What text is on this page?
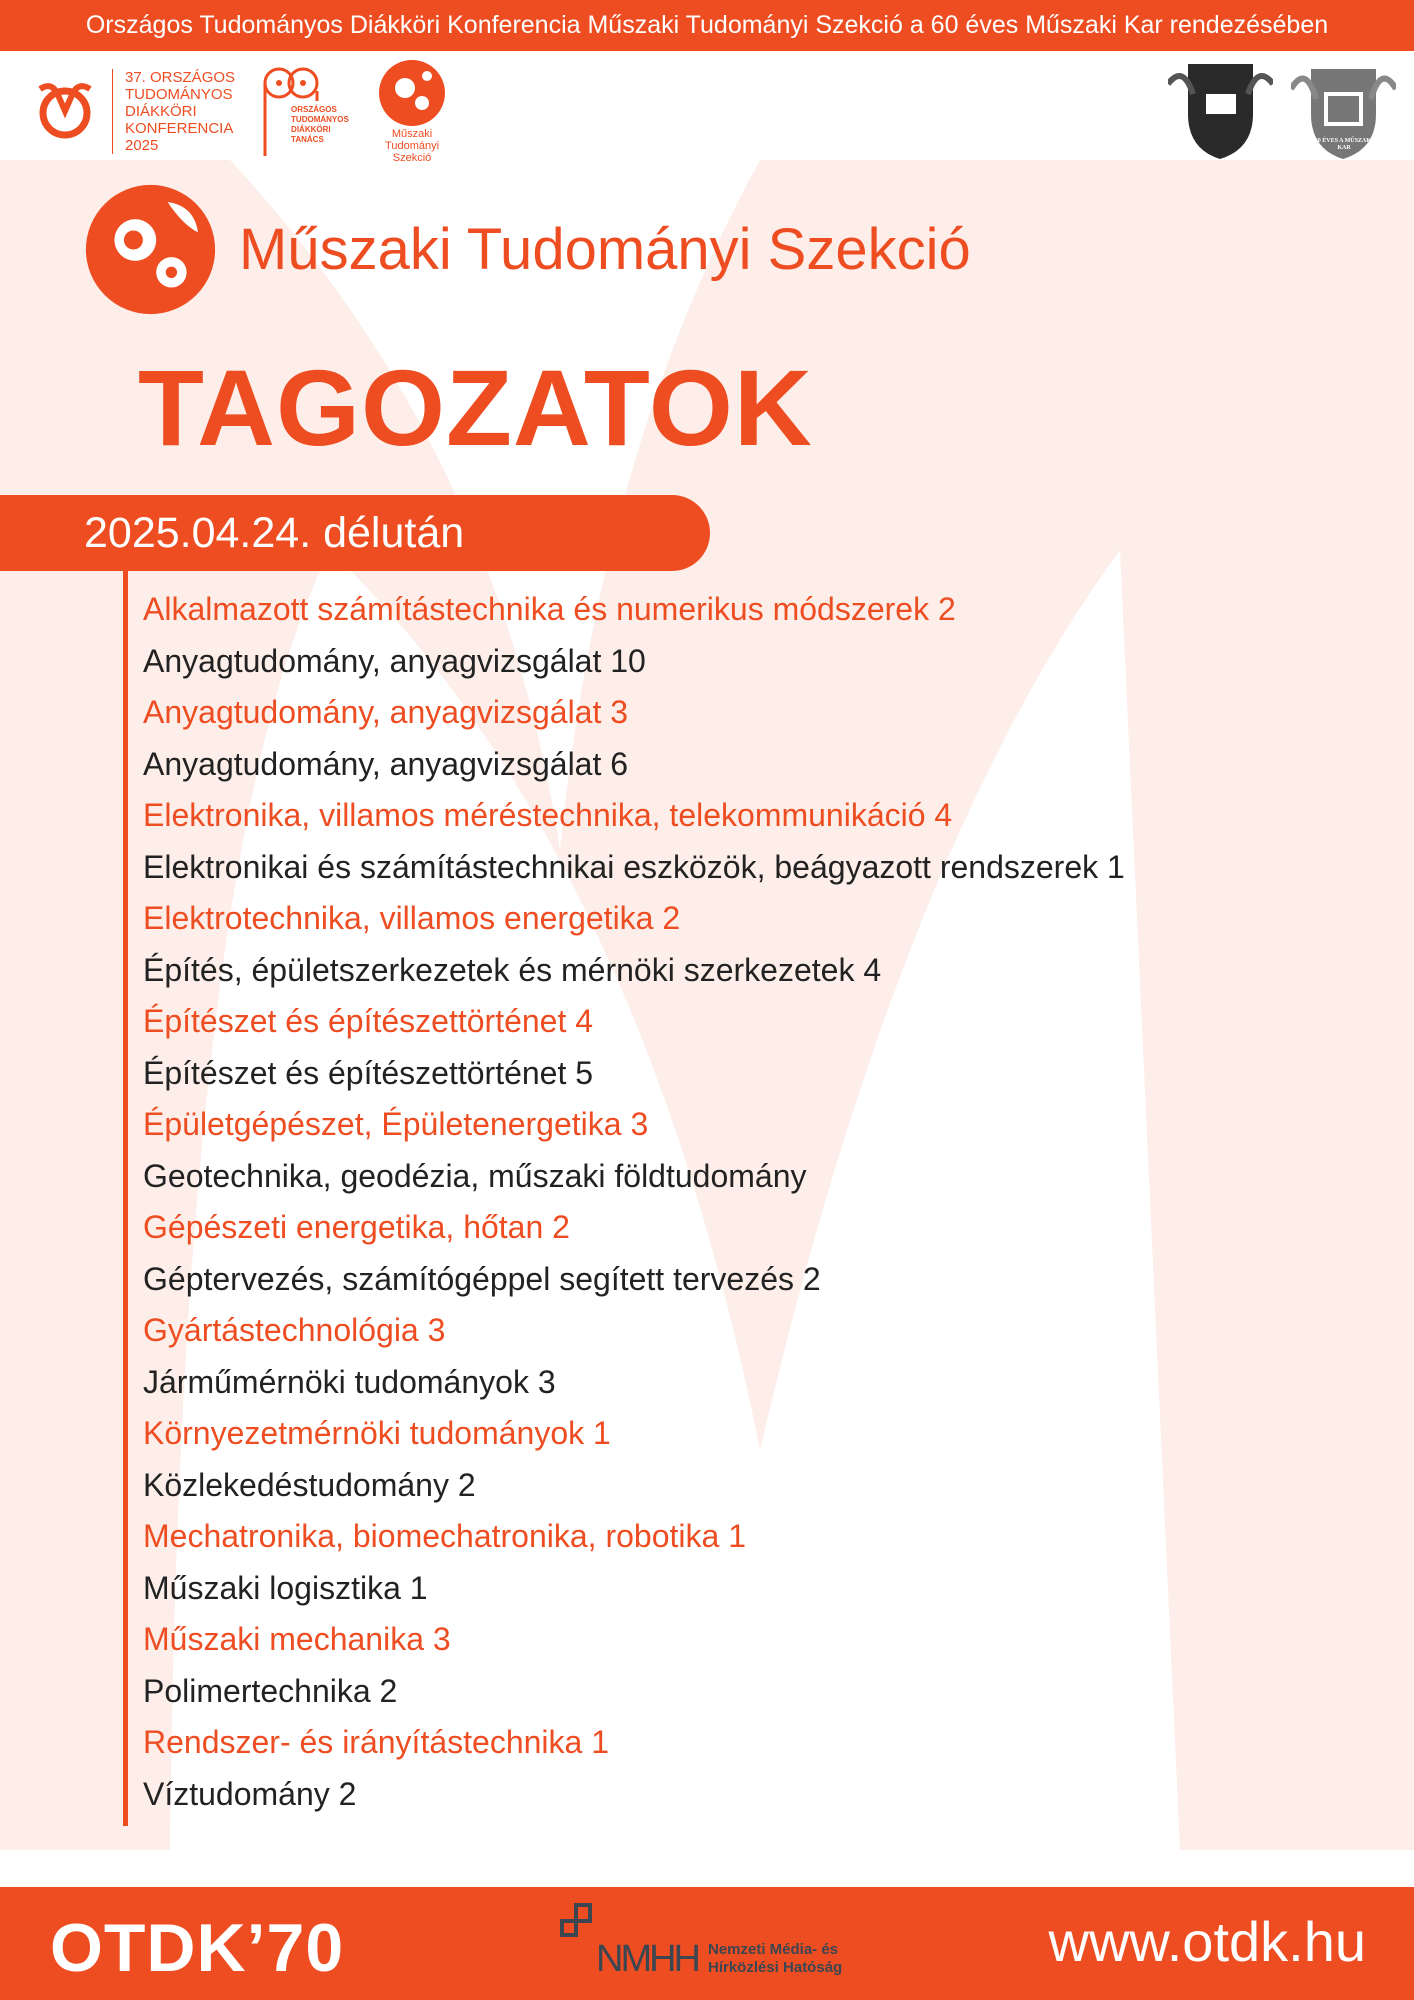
Országos Tudományos Diákköri Konferencia Műszaki Tudományi Szekció a 60 éves Műszaki Kar rendezésében
37. ORSZÁGOS
TUDOMÁNYOS
DIÁKKÖRI
KONFERENCIA
2025
ORSZÁGOS TUDOMÁNYOS DIÁKKÖRI TANÁCS	Műszaki Tudományi Szekció
60 ÉVES A MŰSZAKI KAR
Műszaki Tudományi Szekció
TAGOZATOK
2025.04.24. délután
Alkalmazott számítástechnika és numerikus módszerek 2
Anyagtudomány, anyagvizsgálat 10
Anyagtudomány, anyagvizsgálat 3
Anyagtudomány, anyagvizsgálat 6
Elektronika, villamos méréstechnika, telekommunikáció 4
Elektronikai és számítástechnikai eszközök, beágyazott rendszerek 1
Elektrotechnika, villamos energetika 2
Építés, épületszerkezetek és mérnöki szerkezetek 4
Építészet és építészettörténet 4
Építészet és építészettörténet 5
Épületgépészet, Épületenergetika 3
Geotechnika, geodézia, műszaki földtudomány
Gépészeti energetika, hőtan 2
Géptervezés, számítógéppel segített tervezés 2
Gyártástechnológia 3
Járműmérnöki tudományok 3
Környezetmérnöki tudományok 1
Közlekedéstudomány 2
Mechatronika, biomechatronika, robotika 1
Műszaki logisztika 1
Műszaki mechanika 3
Polimertechnika 2
Rendszer- és irányítástechnika 1
Víztudomány 2
OTDK’70	NMHH Nemzeti Média- és
Hírközlési Hatóság	www.otdk.hu
